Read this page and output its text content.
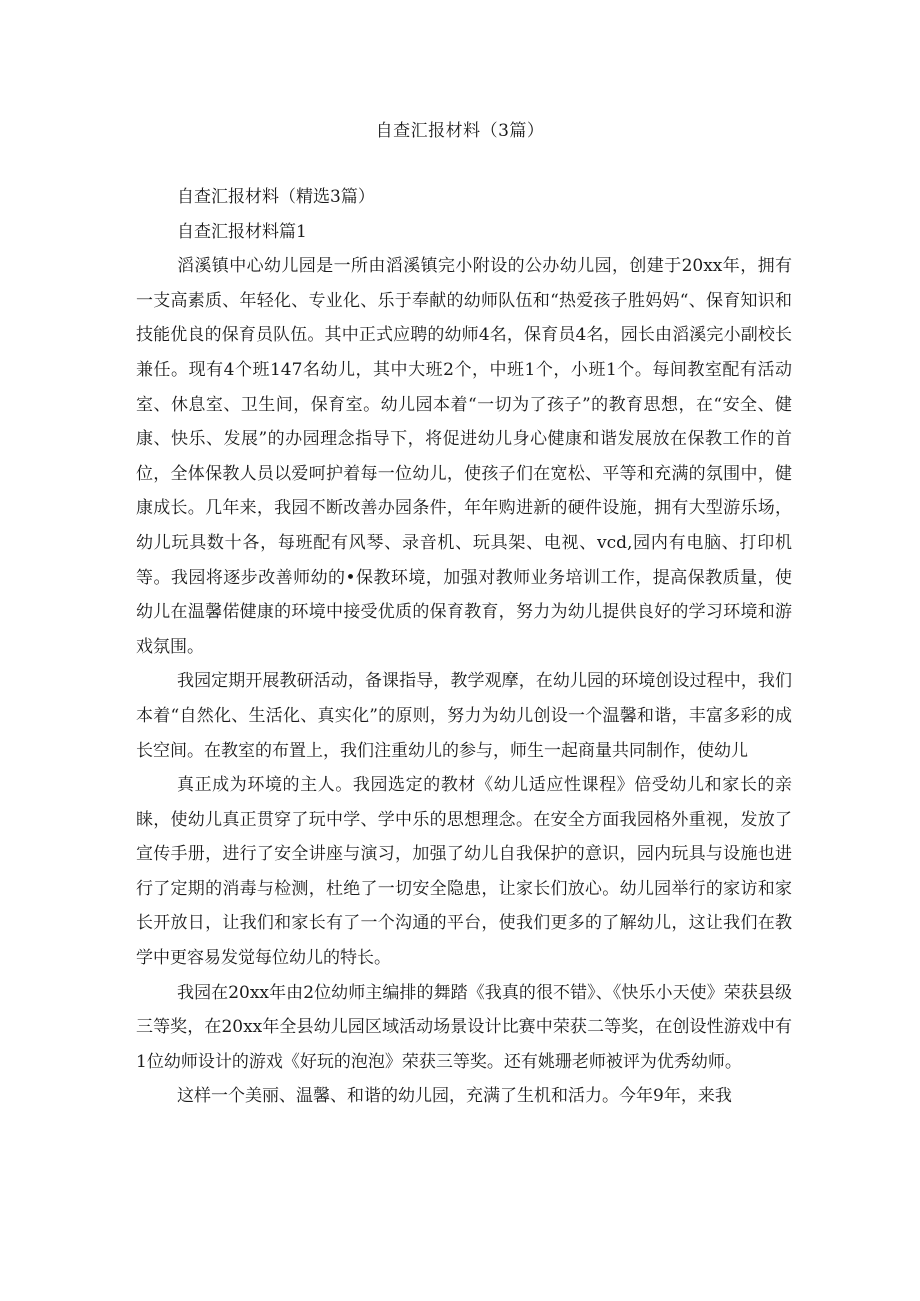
自查汇报材料（3篇）

自查汇报材料（精选3篇）

自查汇报材料篇1

滔溪镇中心幼儿园是一所由滔溪镇完小附设的公办幼儿园，创建于20xx年，拥有一支高素质、年轻化、专业化、乐于奉献的幼师队伍和“热爱孩子胜妈妈“、保育知识和技能优良的保育员队伍。其中正式应聘的幼师4名，保育员4名，园长由滔溪完小副校长兼任。现有4个班147名幼儿，其中大班2个，中班1个，小班1个。每间教室配有活动室、休息室、卫生间，保育室。幼儿园本着“一切为了孩子”的教育思想，在“安全、健康、快乐、发展”的办园理念指导下，将促进幼儿身心健康和谐发展放在保教工作的首位，全体保教人员以爱呵护着每一位幼儿，使孩子们在宽松、平等和充满的氛围中，健康成长。几年来，我园不断改善办园条件，年年购进新的硬件设施，拥有大型游乐场，幼儿玩具数十各，每班配有风琴、录音机、玩具架、电视、vcd,园内有电脑、打印机等。我园将逐步改善师幼的•保教环境，加强对教师业务培训工作，提高保教质量，使幼儿在温馨偌健康的环境中接受优质的保育教育，努力为幼儿提供良好的学习环境和游戏氛围。

我园定期开展教研活动，备课指导，教学观摩，在幼儿园的环境创设过程中，我们本着“自然化、生活化、真实化”的原则，努力为幼儿创设一个温馨和谐，丰富多彩的成长空间。在教室的布置上，我们注重幼儿的参与，师生一起商量共同制作，使幼儿

真正成为环境的主人。我园选定的教材《幼儿适应性课程》倍受幼儿和家长的亲睐，使幼儿真正贯穿了玩中学、学中乐的思想理念。在安全方面我园格外重视，发放了宣传手册，进行了安全讲座与演习，加强了幼儿自我保护的意识，园内玩具与设施也进行了定期的消毒与检测，杜绝了一切安全隐患，让家长们放心。幼儿园举行的家访和家长开放日，让我们和家长有了一个沟通的平台，使我们更多的了解幼儿，这让我们在教学中更容易发觉每位幼儿的特长。

我园在20xx年由2位幼师主编排的舞踏《我真的很不错》、《快乐小天使》荣获县级三等奖，在20xx年全县幼儿园区域活动场景设计比赛中荣获二等奖，在创设性游戏中有1位幼师设计的游戏《好玩的泡泡》荣获三等奖。还有姚珊老师被评为优秀幼师。

这样一个美丽、温馨、和谐的幼儿园，充满了生机和活力。今年9年，来我
